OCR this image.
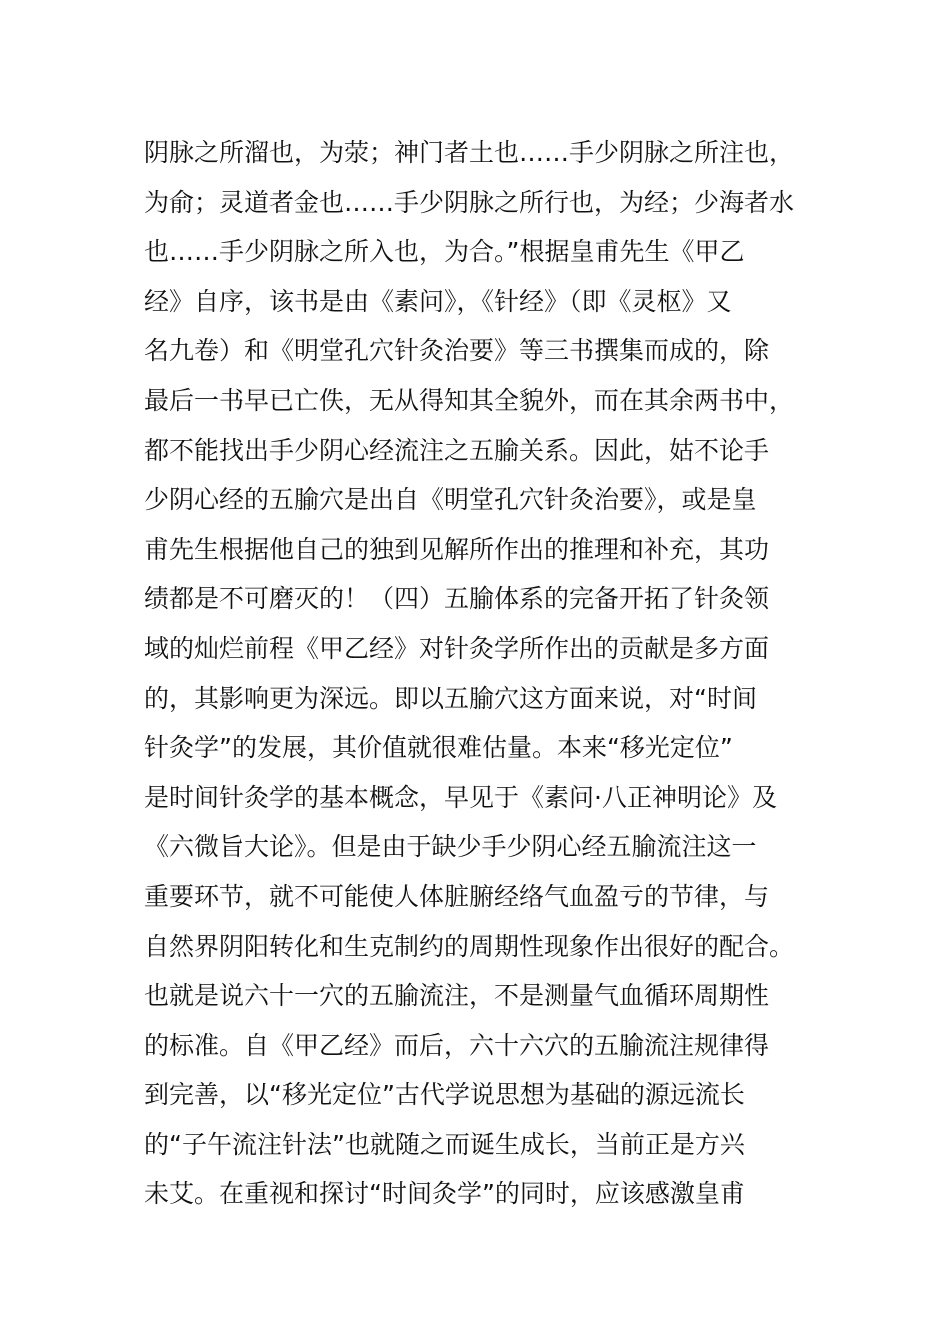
阴脉之所溜也，为荥；神门者土也……手少阴脉之所注也，
为俞；灵道者金也……手少阴脉之所行也，为经；少海者水
也……手少阴脉之所入也，为合。”根据皇甫先生《甲乙
经》自序，该书是由《素问》，《针经》（即《灵枢》又
名九卷）和《明堂孔穴针灸治要》等三书撰集而成的，除
最后一书早已亡佚，无从得知其全貌外，而在其余两书中，
都不能找出手少阴心经流注之五腧关系。因此，姑不论手
少阴心经的五腧穴是出自《明堂孔穴针灸治要》，或是皇
甫先生根据他自己的独到见解所作出的推理和补充，其功
绩都是不可磨灭的！（四）五腧体系的完备开拓了针灸领
域的灿烂前程《甲乙经》对针灸学所作出的贡献是多方面
的，其影响更为深远。即以五腧穴这方面来说，对“时间
针灸学”的发展，其价值就很难估量。本来“移光定位”
是时间针灸学的基本概念，早见于《素问·八正神明论》及
《六微旨大论》。但是由于缺少手少阴心经五腧流注这一
重要环节，就不可能使人体脏腑经络气血盈亏的节律，与
自然界阴阳转化和生克制约的周期性现象作出很好的配合。
也就是说六十一穴的五腧流注，不是测量气血循环周期性
的标准。自《甲乙经》而后，六十六穴的五腧流注规律得
到完善，以“移光定位”古代学说思想为基础的源远流长
的“子午流注针法”也就随之而诞生成长，当前正是方兴
未艾。在重视和探讨“时间灸学”的同时，应该感激皇甫
